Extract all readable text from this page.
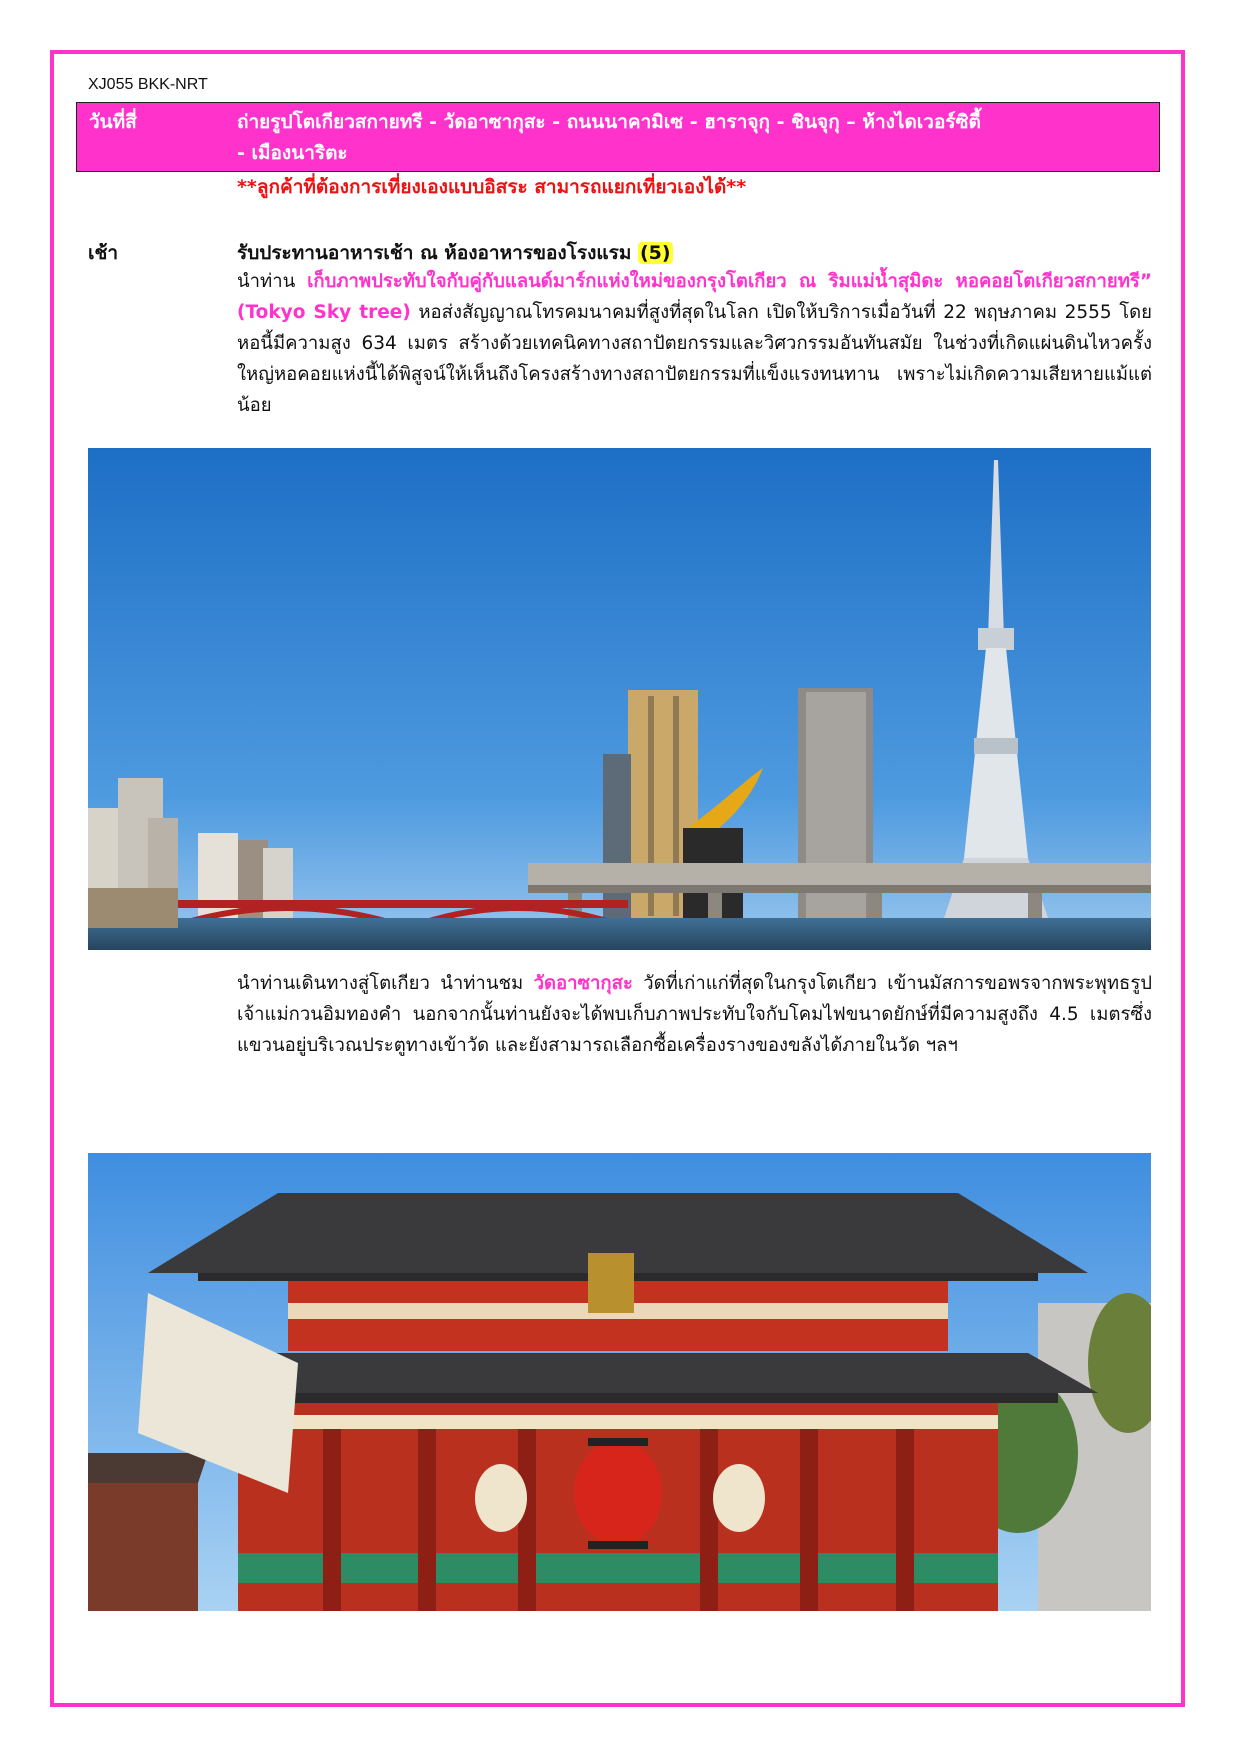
XJ055 BKK-NRT
วันที่สี่	ถ่ายรูปโตเกียวสกายทรี - วัดอาซากุสะ - ถนนนาคามิเซ - ฮาราจุกุ - ชินจุกุ – ห้างไดเวอร์ซิตี้
- เมืองนาริตะ
**ลูกค้าที่ต้องการเที่ยงเองแบบอิสระ สามารถแยกเที่ยวเองได้**
เช้า	รับประทานอาหารเช้า ณ ห้องอาหารของโรงแรม (5)
นำท่าน เก็บภาพประทับใจกับคู่กับแลนด์มาร์กแห่งใหม่ของกรุงโตเกียว ณ ริมแม่น้ำสุมิดะ หอคอยโตเกียวสกายทรี” (Tokyo Sky tree) หอส่งสัญญาณโทรคมนาคมที่สูงที่สุดในโลก เปิดให้บริการเมื่อวันที่ 22 พฤษภาคม 2555 โดยหอนี้มีความสูง 634 เมตร สร้างด้วยเทคนิคทางสถาปัตยกรรมและวิศวกรรมอันทันสมัย ในช่วงที่เกิดแผ่นดินไหวครั้งใหญ่หอคอยแห่งนี้ได้พิสูจน์ให้เห็นถึงโครงสร้างทางสถาปัตยกรรมที่แข็งแรงทนทาน เพราะไม่เกิดความเสียหายแม้แต่น้อย
นำท่านเดินทางสู่โตเกียว นำท่านชม วัดอาซากุสะ วัดที่เก่าแก่ที่สุดในกรุงโตเกียว เข้านมัสการขอพรจากพระพุทธรูปเจ้าแม่กวนอิมทองคำ นอกจากนั้นท่านยังจะได้พบเก็บภาพประทับใจกับโคมไฟขนาดยักษ์ที่มีความสูงถึง 4.5 เมตรซึ่งแขวนอยู่บริเวณประตูทางเข้าวัด และยังสามารถเลือกซื้อเครื่องรางของขลังได้ภายในวัด ฯลฯ
